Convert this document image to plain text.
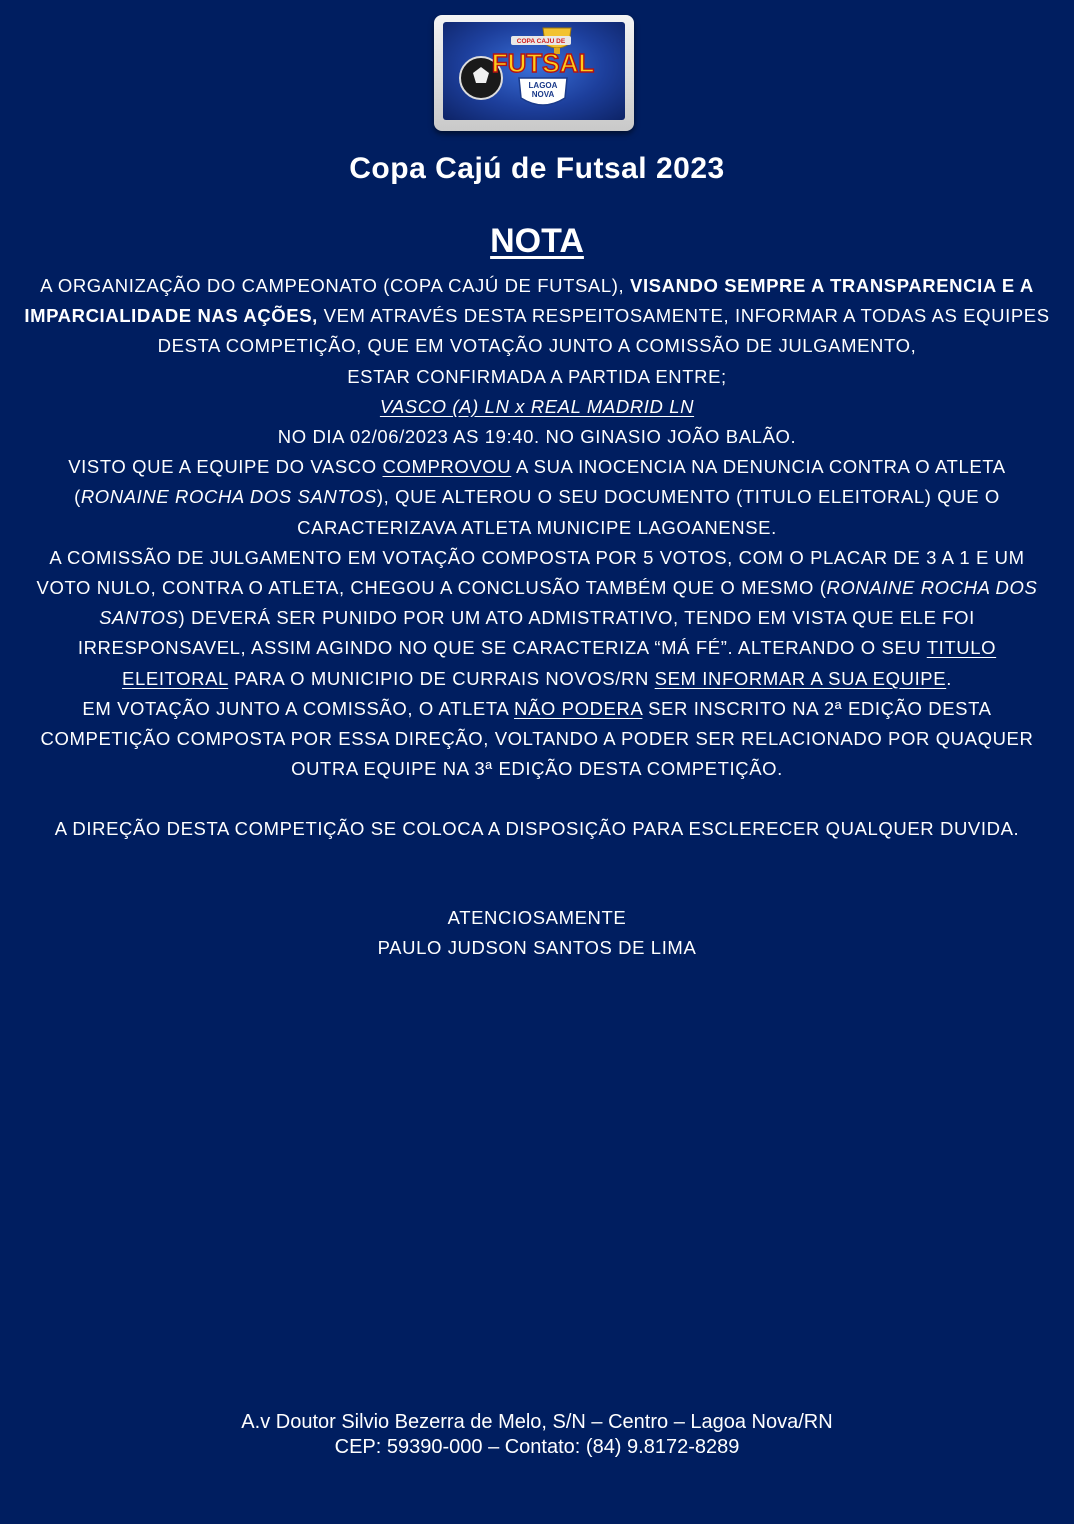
COPA CAJU DE
FUTSAL
LAGOA
NOVA
Copa Cajú de Futsal 2023
NOTA

A ORGANIZAÇÃO DO CAMPEONATO (COPA CAJÚ DE FUTSAL), VISANDO SEMPRE A TRANSPARENCIA E A IMPARCIALIDADE NAS AÇÕES, VEM ATRAVÉS DESTA RESPEITOSAMENTE, INFORMAR A TODAS AS EQUIPES DESTA COMPETIÇÃO, QUE EM VOTAÇÃO JUNTO A COMISSÃO DE JULGAMENTO,

ESTAR CONFIRMADA A PARTIDA ENTRE;

VASCO (A) LN x REAL MADRID LN

NO DIA 02/06/2023 AS 19:40. NO GINASIO JOÃO BALÃO.

VISTO QUE A EQUIPE DO VASCO COMPROVOU A SUA INOCENCIA NA DENUNCIA CONTRA O ATLETA (RONAINE ROCHA DOS SANTOS), QUE ALTEROU O SEU DOCUMENTO (TITULO ELEITORAL) QUE O CARACTERIZAVA ATLETA MUNICIPE LAGOANENSE.

A COMISSÃO DE JULGAMENTO EM VOTAÇÃO COMPOSTA POR 5 VOTOS, COM O PLACAR DE 3 A 1 E UM VOTO NULO, CONTRA O ATLETA, CHEGOU A CONCLUSÃO TAMBÉM QUE O MESMO (RONAINE ROCHA DOS SANTOS) DEVERÁ SER PUNIDO POR UM ATO ADMISTRATIVO, TENDO EM VISTA QUE ELE FOI IRRESPONSAVEL, ASSIM AGINDO NO QUE SE CARACTERIZA “MÁ FÉ”. ALTERANDO O SEU TITULO ELEITORAL PARA O MUNICIPIO DE CURRAIS NOVOS/RN SEM INFORMAR A SUA EQUIPE.

EM VOTAÇÃO JUNTO A COMISSÃO, O ATLETA NÃO PODERA SER INSCRITO NA 2ª EDIÇÃO DESTA COMPETIÇÃO COMPOSTA POR ESSA DIREÇÃO, VOLTANDO A PODER SER RELACIONADO POR QUAQUER OUTRA EQUIPE NA 3ª EDIÇÃO DESTA COMPETIÇÃO.

A DIREÇÃO DESTA COMPETIÇÃO SE COLOCA A DISPOSIÇÃO PARA ESCLERECER QUALQUER DUVIDA.

ATENCIOSAMENTE
PAULO JUDSON SANTOS DE LIMA
A.v Doutor Silvio Bezerra de Melo, S/N – Centro – Lagoa Nova/RN
CEP: 59390-000 – Contato: (84) 9.8172-8289
